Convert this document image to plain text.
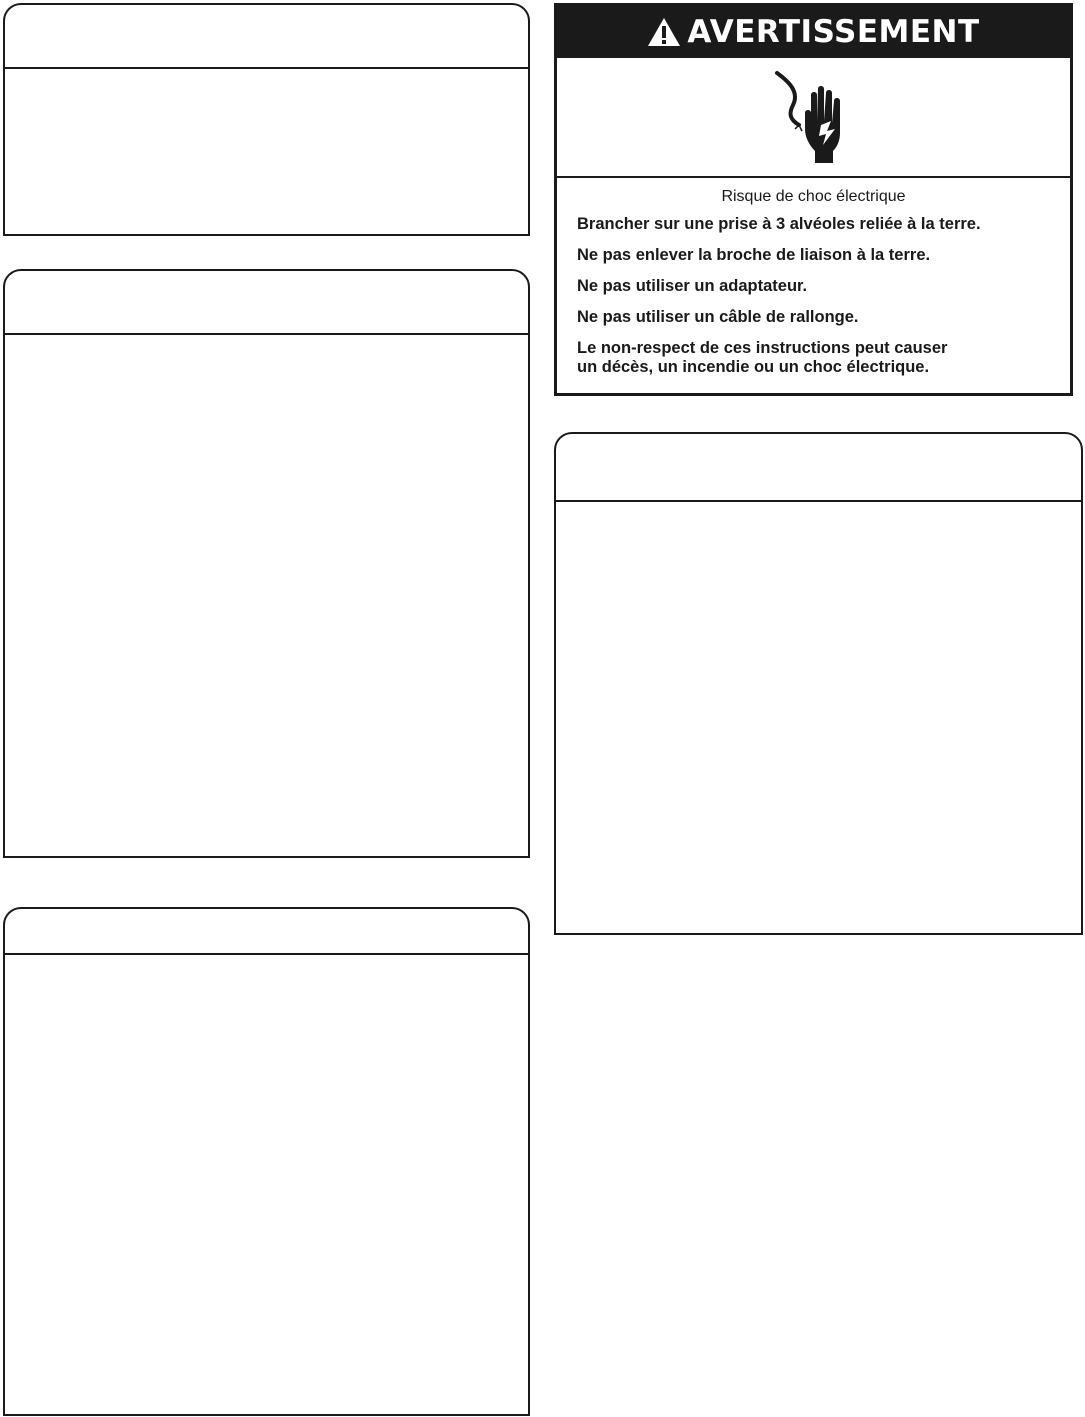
AVERTISSEMENT
Risque de choc électrique

Brancher sur une prise à 3 alvéoles reliée à la terre.

Ne pas enlever la broche de liaison à la terre.

Ne pas utiliser un adaptateur.

Ne pas utiliser un câble de rallonge.

Le non-respect de ces instructions peut causer
un décès, un incendie ou un choc électrique.
